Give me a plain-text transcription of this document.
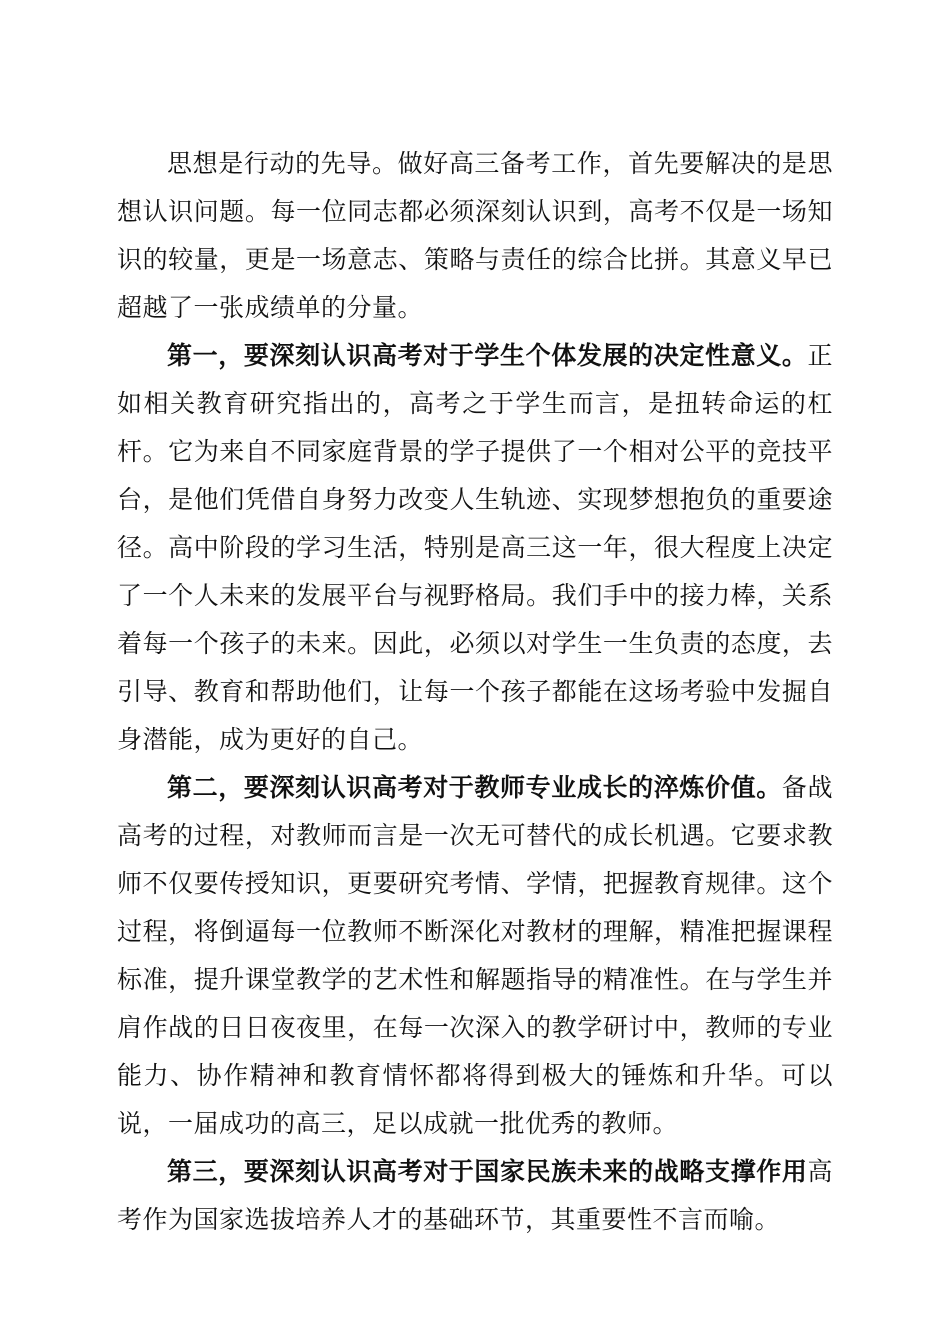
思想是行动的先导。做好高三备考工作，首先要解决的是思想认识问题。每一位同志都必须深刻认识到，高考不仅是一场知识的较量，更是一场意志、策略与责任的综合比拼。其意义早已超越了一张成绩单的分量。

第一，要深刻认识高考对于学生个体发展的决定性意义。正如相关教育研究指出的，高考之于学生而言，是扭转命运的杠杆。它为来自不同家庭背景的学子提供了一个相对公平的竞技平台，是他们凭借自身努力改变人生轨迹、实现梦想抱负的重要途径。高中阶段的学习生活，特别是高三这一年，很大程度上决定了一个人未来的发展平台与视野格局。我们手中的接力棒，关系着每一个孩子的未来。因此，必须以对学生一生负责的态度，去引导、教育和帮助他们，让每一个孩子都能在这场考验中发掘自身潜能，成为更好的自己。

第二，要深刻认识高考对于教师专业成长的淬炼价值。备战高考的过程，对教师而言是一次无可替代的成长机遇。它要求教师不仅要传授知识，更要研究考情、学情，把握教育规律。这个过程，将倒逼每一位教师不断深化对教材的理解，精准把握课程标准，提升课堂教学的艺术性和解题指导的精准性。在与学生并肩作战的日日夜夜里，在每一次深入的教学研讨中，教师的专业能力、协作精神和教育情怀都将得到极大的锤炼和升华。可以说，一届成功的高三，足以成就一批优秀的教师。

第三，要深刻认识高考对于国家民族未来的战略支撑作用高考作为国家选拔培养人才的基础环节，其重要性不言而喻。
